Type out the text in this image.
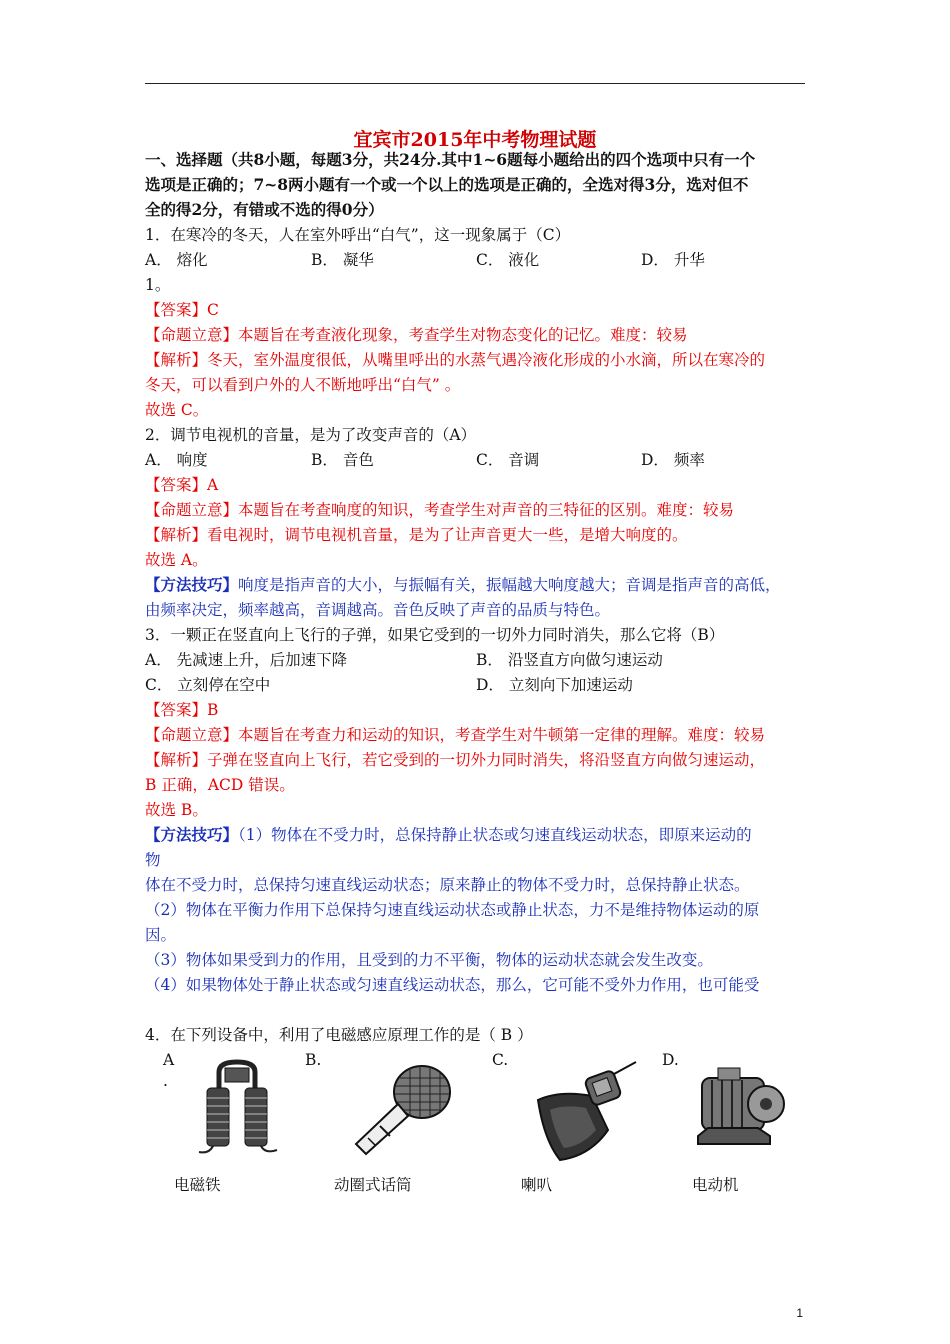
宜宾市2015年中考物理试题
一、选择题（共8小题，每题3分，共24分.其中1~6题每小题给出的四个选项中只有一个
选项是正确的；7~8两小题有一个或一个以上的选项是正确的，全选对得3分，选对但不
全的得2分，有错或不选的得0分）
1．在寒冷的冬天，人在室外呼出“白气”，这一现象属于（C）
A． 熔化	B． 凝华	C． 液化	D． 升华
1。
【答案】C
【命题立意】本题旨在考查液化现象，考查学生对物态变化的记忆。难度：较易
【解析】冬天，室外温度很低，从嘴里呼出的水蒸气遇冷液化形成的小水滴，所以在寒冷的
冬天，可以看到户外的人不断地呼出“白气” 。
故选 C。
2．调节电视机的音量，是为了改变声音的（A）
A． 响度	B． 音色	C． 音调	D． 频率
【答案】A
【命题立意】本题旨在考查响度的知识，考查学生对声音的三特征的区别。难度：较易
【解析】看电视时，调节电视机音量，是为了让声音更大一些，是增大响度的。
故选 A。
【方法技巧】响度是指声音的大小，与振幅有关，振幅越大响度越大；音调是指声音的高低，
由频率决定，频率越高，音调越高。音色反映了声音的品质与特色。
3．一颗正在竖直向上飞行的子弹，如果它受到的一切外力同时消失，那么它将（B）
A． 先减速上升，后加速下降	B． 沿竖直方向做匀速运动
C． 立刻停在空中	D． 立刻向下加速运动
【答案】B
【命题立意】本题旨在考查力和运动的知识，考查学生对牛顿第一定律的理解。难度：较易
【解析】子弹在竖直向上飞行，若它受到的一切外力同时消失，将沿竖直方向做匀速运动，
B 正确，ACD 错误。
故选 B。
【方法技巧】（1）物体在不受力时，总保持静止状态或匀速直线运动状态，即原来运动的
物
体在不受力时，总保持匀速直线运动状态；原来静止的物体不受力时，总保持静止状态。
（2）物体在平衡力作用下总保持匀速直线运动状态或静止状态，力不是维持物体运动的原
因。
（3）物体如果受到力的作用，且受到的力不平衡，物体的运动状态就会发生改变。
（4）如果物体处于静止状态或匀速直线运动状态，那么，它可能不受外力作用，也可能受
4．在下列设备中，利用了电磁感应原理工作的是（ B ）
A
.
B.	C.	D.
电磁铁	动圈式话筒	喇叭	电动机
1
